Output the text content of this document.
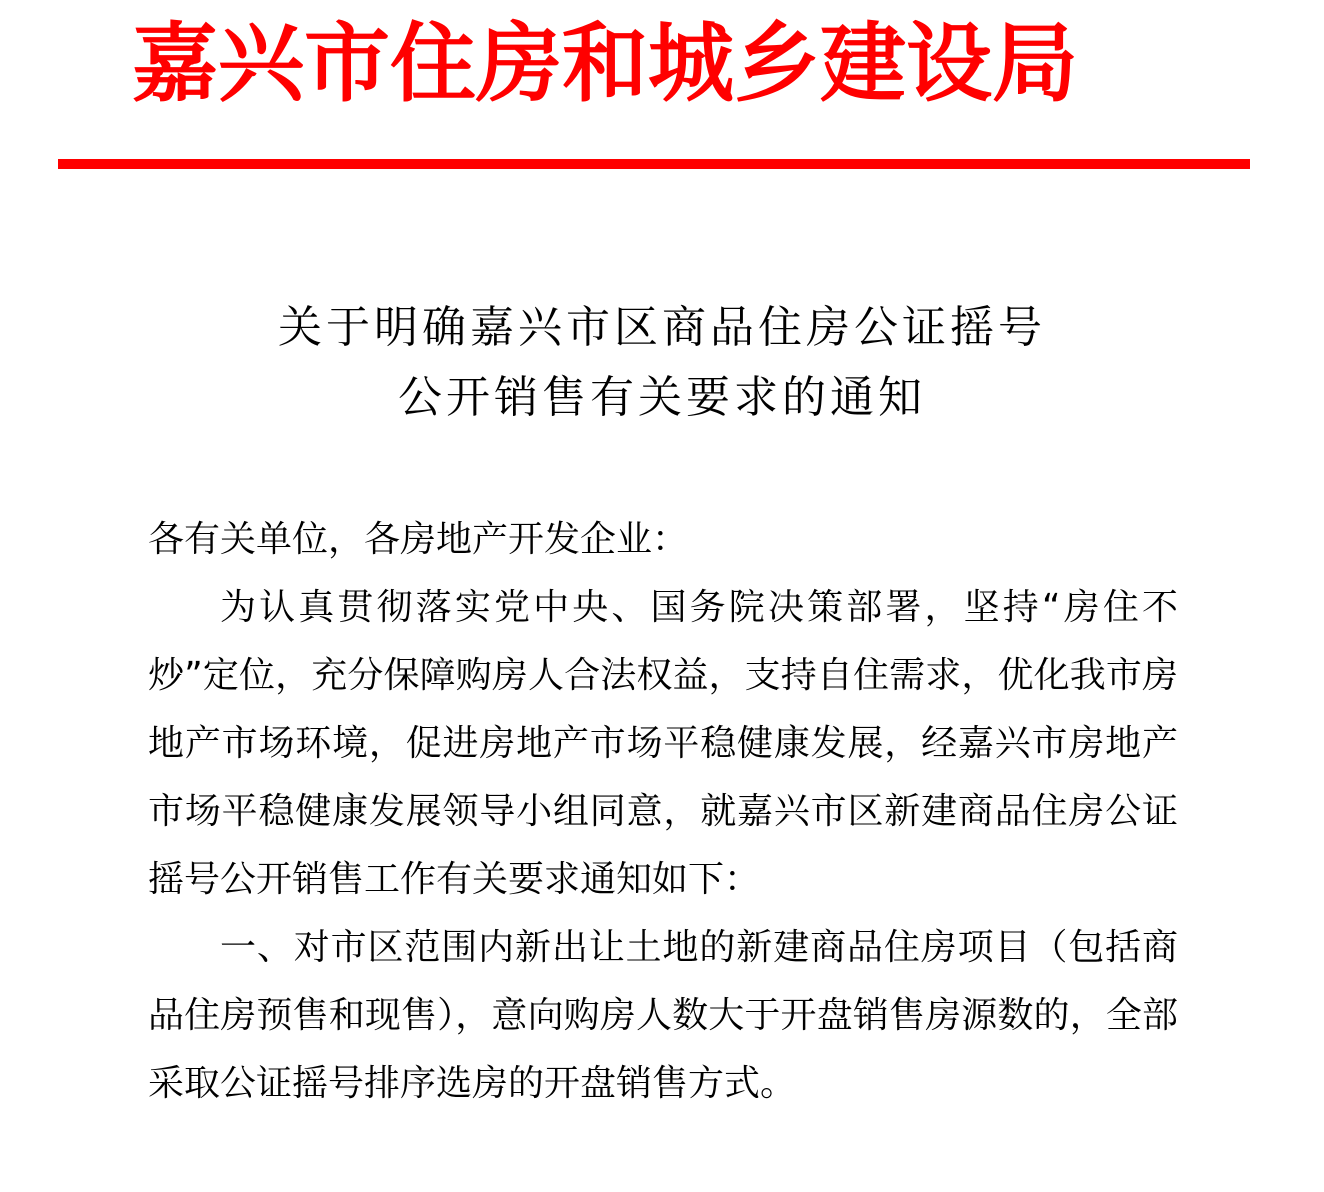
嘉兴市住房和城乡建设局
关于明确嘉兴市区商品住房公证摇号
公开销售有关要求的通知

各有关单位，各房地产开发企业：

为认真贯彻落实党中央、国务院决策部署，坚持“房住不炒”定位，充分保障购房人合法权益，支持自住需求，优化我市房地产市场环境，促进房地产市场平稳健康发展，经嘉兴市房地产市场平稳健康发展领导小组同意，就嘉兴市区新建商品住房公证摇号公开销售工作有关要求通知如下：

一、对市区范围内新出让土地的新建商品住房项目（包括商品住房预售和现售），意向购房人数大于开盘销售房源数的，全部采取公证摇号排序选房的开盘销售方式。
